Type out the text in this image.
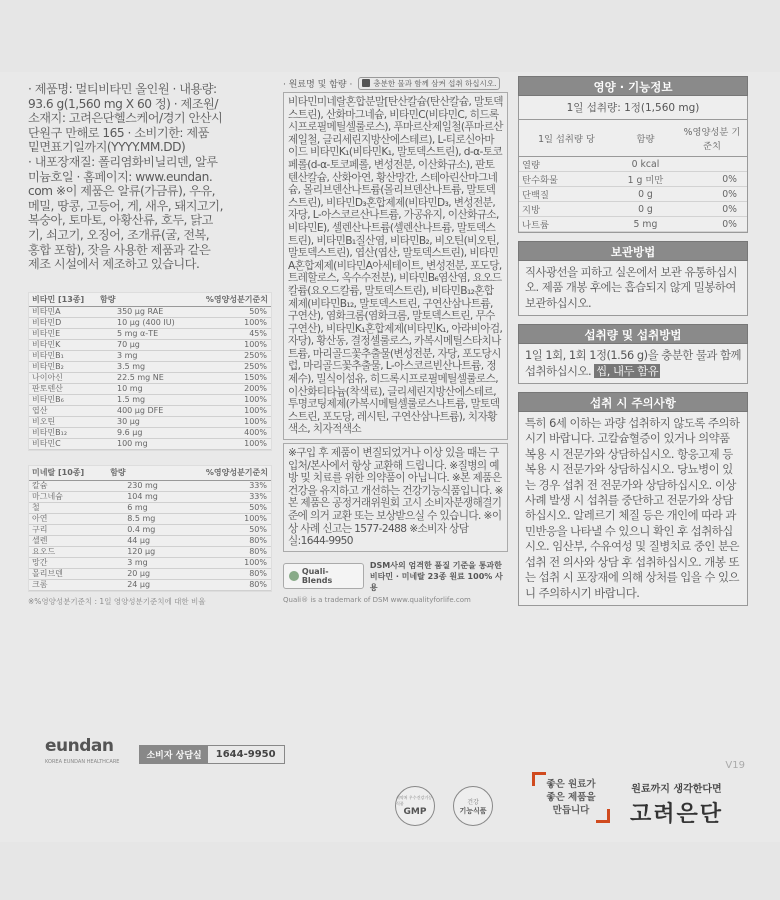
· 제품명: 멀티비타민 올인원 · 내용량:
93.6 g(1,560 mg X 60 정) · 제조원/
소재지: 고려은단헬스케어/경기 안산시
단원구 만해로 165 · 소비기한: 제품
밑면표기일까지(YYYY.MM.DD)
· 내포장재질: 폴리염화비닐리덴, 알루
미늄호일 · 홈페이지: www.eundan.
com ※이 제품은 알류(가금류), 우유,
메밀, 땅콩, 고등어, 게, 새우, 돼지고기,
복숭아, 토마토, 아황산류, 호두, 닭고
기, 쇠고기, 오징어, 조개류(굴, 전복,
홍합 포함), 잣을 사용한 제품과 같은
제조 시설에서 제조하고 있습니다.
비타민 [13종]	함량	%영양성분기준치
비타민A	350 μg RAE	50%
비타민D	10 μg (400 IU)	100%
비타민E	5 mg α-TE	45%
비타민K	70 μg	100%
비타민B₁	3 mg	250%
비타민B₂	3.5 mg	250%
나이아신	22.5 mg NE	150%
판토텐산	10 mg	200%
비타민B₆	1.5 mg	100%
엽산	400 μg DFE	100%
비오틴	30 μg	100%
비타민B₁₂	9.6 μg	400%
비타민C	100 mg	100%
미네랄 [10종]	함량	%영양성분기준치
칼슘	230 mg	33%
마그네슘	104 mg	33%
철	6 mg	50%
아연	8.5 mg	100%
구리	0.4 mg	50%
셀렌	44 μg	80%
요오드	120 μg	80%
망간	3 mg	100%
몰리브덴	20 μg	80%
크롬	24 μg	80%
※%영양성분기준치 : 1일 영양성분기준치에 대한 비율
· 원료명 및 함량 ·	충분한 물과 함께 삼켜 섭취 하십시오.
비타민미네랄혼합분말[탄산칼슘(탄산칼슘, 말토덱스트린), 산화마그네슘, 비타민C(비타민C, 히드록시프로필메틸셀룰로스), 푸마르산제일철(푸마르산제일철, 글리세린지방산에스테르), L-티로신아마이드 비타민K₁(비타민K₁, 말토덱스트린), d-α-토코페롤(d-α-토코페롤, 변성전분, 이산화규소), 판토텐산칼슘, 산화아연, 황산망간, 스테아린산마그네슘, 몰리브덴산나트륨(몰리브덴산나트륨, 말토덱스트린), 비타민D₃혼합제제(비타민D₃, 변성전분, 자당, L-아스코르산나트륨, 가공유지, 이산화규소, 비타민E), 셀렌산나트륨(셀렌산나트륨, 말토덱스트린), 비타민B₁질산염, 비타민B₂, 비오틴(비오틴, 말토덱스트린), 엽산(엽산, 말토덱스트린), 비타민A혼합제제(비타민A아세테이트, 변성전분, 포도당, 트레할로스, 옥수수전분), 비타민B₆염산염, 요오드칼륨(요오드칼륨, 말토덱스트린), 비타민B₁₂혼합제제(비타민B₁₂, 말토덱스트린, 구연산삼나트륨, 구연산), 염화크롬(염화크롬, 말토덱스트린, 무수구연산), 비타민K₁혼합제제(비타민K₁, 아라비아검, 자당), 황산동, 결정셀룰로스, 카복시메틸스타치나트륨, 마리골드꽃추출물(변성전분, 자당, 포도당시럽, 마리골드꽃추출물, L-아스코르빈산나트륨, 정제수), 밀식이섬유, 히드록시프로필메틸셀룰로스, 이산화티타늄(착색료), 글리세린지방산에스테르, 투명코팅제제(카복시메틸셀룰로스나트륨, 말토덱스트린, 포도당, 레시틴, 구연산삼나트륨), 치자황색소, 치자적색소
※구입 후 제품이 변질되었거나 이상 있을 때는 구입처/본사에서 항상 교환해 드립니다. ※질병의 예방 및 치료를 위한 의약품이 아닙니다. ※본 제품은 건강을 유지하고 개선하는 건강기능식품입니다. ※본 제품은 공정거래위원회 고시 소비자분쟁해결기준에 의거 교환 또는 보상받으실 수 있습니다. ※이상 사례 신고는 1577-2488 ※소비자 상담실:1644-9950
Quali-Blends
DSM사의 엄격한 품질 기준을 통과한
비타민 · 미네랄 23종 원료 100% 사용
Quali® is a trademark of DSM www.qualityforlife.com
영양 · 기능정보
1일 섭취량: 1정(1,560 mg)
1일 섭취량 당	함량	%영양성분 기준치
열량	0 kcal	
탄수화물	1 g 미만	0%
단백질	0 g	0%
지방	0 g	0%
나트륨	5 mg	0%
보관방법
직사광선을 피하고 실온에서 보관 유통하십시오. 제품 개봉 후에는 흡습되지 않게 밀봉하여 보관하십시오.
섭취량 및 섭취방법
1일 1회, 1회 1정(1.56 g)을 충분한 물과 함께 섭취하십시오. 씹, 내두 함유
섭취 시 주의사항
특히 6세 이하는 과량 섭취하지 않도록 주의하시기 바랍니다. 고칼슘혈증이 있거나 의약품 복용 시 전문가와 상담하십시오. 항응고제 등 복용 시 전문가와 상담하십시오. 당뇨병이 있는 경우 섭취 전 전문가와 상담하십시오. 이상 사례 발생 시 섭취를 중단하고 전문가와 상담하십시오. 알레르기 체질 등은 개인에 따라 과민반응을 나타낼 수 있으니 확인 후 섭취하십시오. 임산부, 수유여성 및 질병치료 중인 분은 섭취 전 의사와 상담 후 섭취하십시오. 개봉 또는 섭취 시 포장재에 의해 상처를 입을 수 있으니 주의하시기 바랍니다.
eundan
KOREA EUNDAN HEALTHCARE
소비자 상담실	1644-9950
V19
식약처 우수건강기능식품
GMP
건강
기능식품
좋은 원료가
좋은 제품을
만듭니다
원료까지 생각한다면
고려은단
